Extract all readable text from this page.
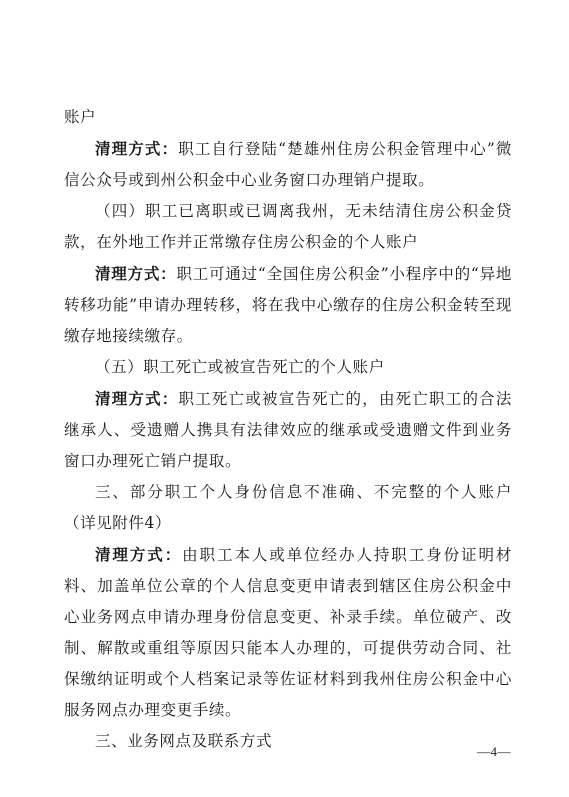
账户

清理方式：职工自行登陆“楚雄州住房公积金管理中心”微信公众号或到州公积金中心业务窗口办理销户提取。

（四）职工已离职或已调离我州，无未结清住房公积金贷款，在外地工作并正常缴存住房公积金的个人账户

清理方式：职工可通过“全国住房公积金”小程序中的“异地转移功能”申请办理转移，将在我中心缴存的住房公积金转至现缴存地接续缴存。

（五）职工死亡或被宣告死亡的个人账户

清理方式：职工死亡或被宣告死亡的，由死亡职工的合法继承人、受遗赠人携具有法律效应的继承或受遗赠文件到业务窗口办理死亡销户提取。

三、部分职工个人身份信息不准确、不完整的个人账户（详见附件4）

清理方式：由职工本人或单位经办人持职工身份证明材料、加盖单位公章的个人信息变更申请表到辖区住房公积金中心业务网点申请办理身份信息变更、补录手续。单位破产、改制、解散或重组等原因只能本人办理的，可提供劳动合同、社保缴纳证明或个人档案记录等佐证材料到我州住房公积金中心服务网点办理变更手续。

三、业务网点及联系方式

—4—
